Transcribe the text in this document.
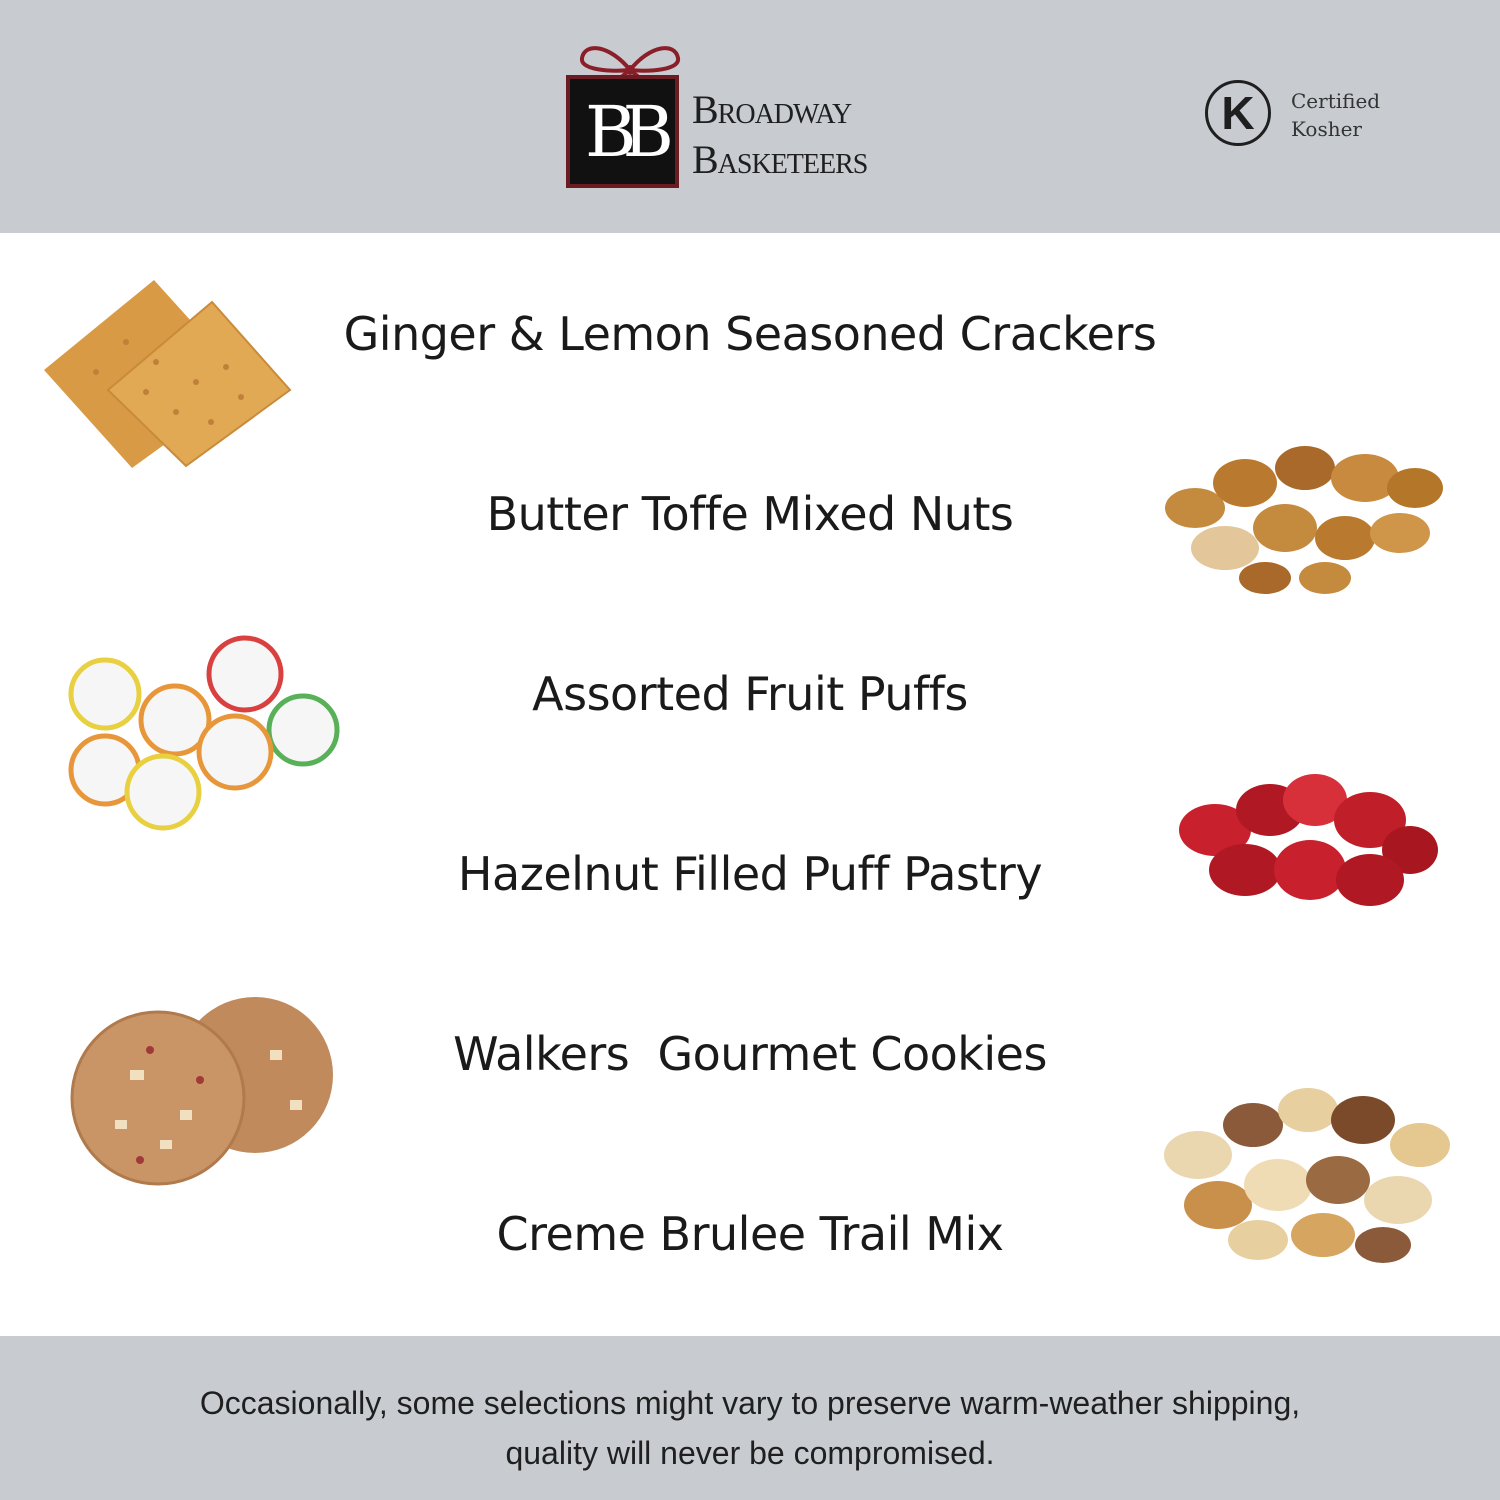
BB Broadway
Basketeers
K	Certified
Kosher
Ginger & Lemon Seasoned Crackers
Butter Toffe Mixed Nuts
Assorted Fruit Puffs
Hazelnut Filled Puff Pastry
Walkers  Gourmet Cookies
Creme Brulee Trail Mix
Occasionally, some selections might vary to preserve warm-weather shipping,
quality will never be compromised.
